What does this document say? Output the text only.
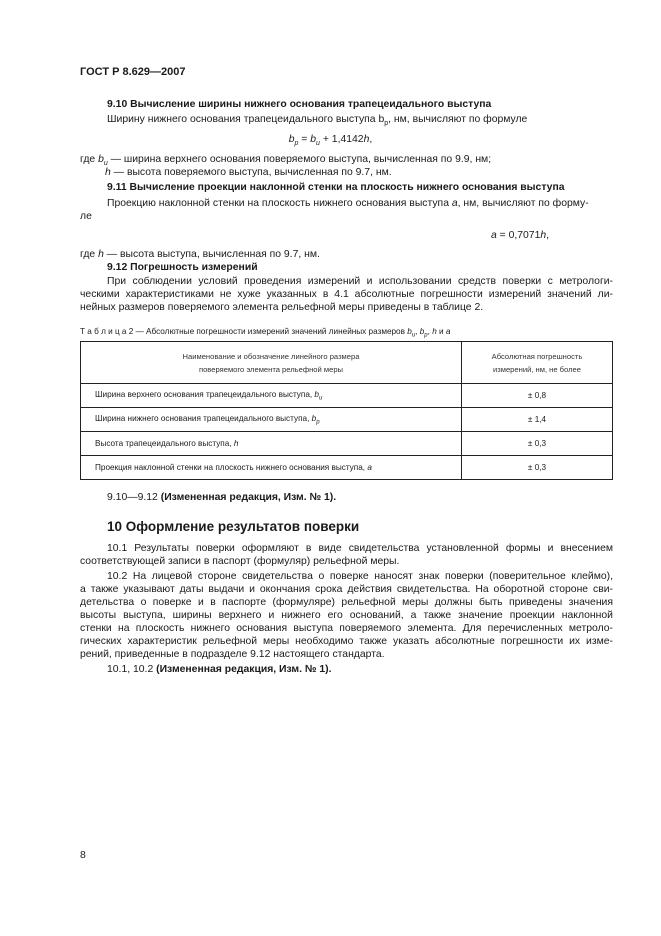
ГОСТ Р 8.629—2007
9.10 Вычисление ширины нижнего основания трапецеидального выступа
Ширину нижнего основания трапецеидального выступа $b_р$, нм, вычисляют по формуле
$b_р = b_и + 1,4142h$,
где $b_и$ — ширина верхнего основания поверяемого выступа, вычисленная по 9.9, нм;
h — высота поверяемого выступа, вычисленная по 9.7, нм.
9.11 Вычисление проекции наклонной стенки на плоскость нижнего основания выступа
Проекцию наклонной стенки на плоскость нижнего основания выступа a, нм, вычисляют по форму-
ле
a = 0,7071h,
где h — высота выступа, вычисленная по 9.7, нм.
9.12 Погрешность измерений
При соблюдении условий проведения измерений и использовании средств поверки с метрологи-
ческими характеристиками не хуже указанных в 4.1 абсолютные погрешности измерений значений ли-
нейных размеров поверяемого элемента рельефной меры приведены в таблице 2.
Т а б л и ц а 2 — Абсолютные погрешности измерений значений линейных размеров $b_и$, $b_р$, h и a
Наименование и обозначение линейного размера
поверяемого элемента рельефной меры	Абсолютная погрешность
измерений, нм, не более
Ширина верхнего основания трапецеидального выступа, $b_и$	± 0,8
Ширина нижнего основания трапецеидального выступа, $b_р$	± 1,4
Высота трапецеидального выступа, h	± 0,3
Проекция наклонной стенки на плоскость нижнего основания выступа, a	± 0,3
9.10—9.12 (Измененная редакция, Изм. № 1).
10 Оформление результатов поверки
10.1 Результаты поверки оформляют в виде свидетельства установленной формы и внесением
соответствующей записи в паспорт (формуляр) рельефной меры.
10.2 На лицевой стороне свидетельства о поверке наносят знак поверки (поверительное клеймо),
а также указывают даты выдачи и окончания срока действия свидетельства. На оборотной стороне сви-
детельства о поверке и в паспорте (формуляре) рельефной меры должны быть приведены значения
высоты выступа, ширины верхнего и нижнего его оснований, а также значение проекции наклонной
стенки на плоскость нижнего основания выступа поверяемого элемента. Для перечисленных метроло-
гических характеристик рельефной меры необходимо также указать абсолютные погрешности их изме-
рений, приведенные в подразделе 9.12 настоящего стандарта.
10.1, 10.2 (Измененная редакция, Изм. № 1).
8
